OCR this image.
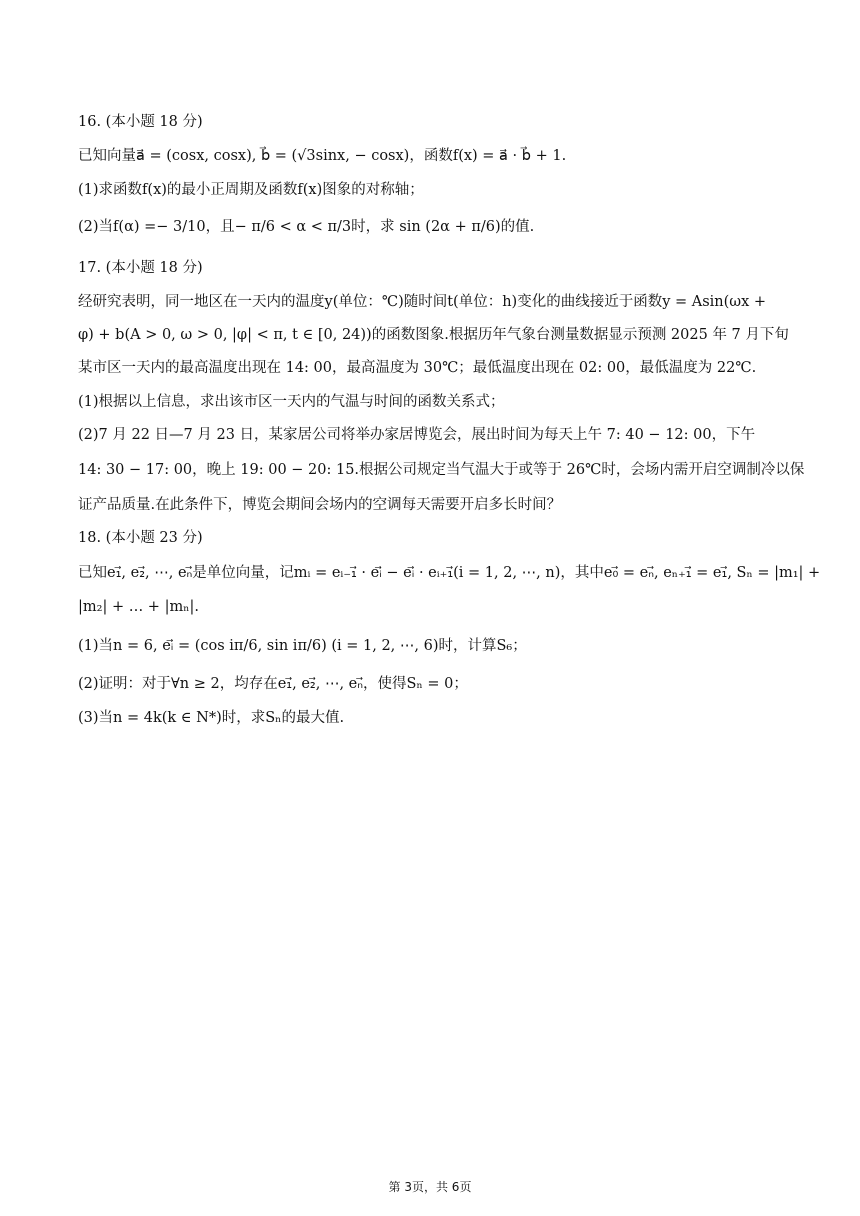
16. (本小题 18 分)
已知向量a⃗ = (cosx, cosx), b⃗ = (√3sinx, − cosx)，函数f(x) = a⃗ · b⃗ + 1.
(1)求函数f(x)的最小正周期及函数f(x)图象的对称轴；
(2)当f(α) =− 3/10，且− π/6 < α < π/3时，求 sin (2α + π/6)的值.
17. (本小题 18 分)
经研究表明，同一地区在一天内的温度y(单位：℃)随时间t(单位：h)变化的曲线接近于函数y = Asin(ωx +
φ) + b(A > 0, ω > 0, |φ| < π, t ∈ [0, 24))的函数图象.根据历年气象台测量数据显示预测 2025 年 7 月下旬
某市区一天内的最高温度出现在 14: 00，最高温度为 30℃；最低温度出现在 02: 00，最低温度为 22℃.
(1)根据以上信息，求出该市区一天内的气温与时间的函数关系式；
(2)7 月 22 日—7 月 23 日，某家居公司将举办家居博览会，展出时间为每天上午 7: 40 − 12: 00，下午
14: 30 − 17: 00，晚上 19: 00 − 20: 15.根据公司规定当气温大于或等于 26℃时，会场内需开启空调制冷以保
证产品质量.在此条件下，博览会期间会场内的空调每天需要开启多长时间？
18. (本小题 23 分)
已知e₁⃗, e₂⃗, ⋯, eₙ⃗是单位向量，记mᵢ = eᵢ₋₁⃗ · eᵢ⃗ − eᵢ⃗ · eᵢ₊₁⃗(i = 1, 2, ⋯, n)，其中e₀⃗ = eₙ⃗, eₙ₊₁⃗ = e₁⃗, Sₙ = |m₁| +
|m₂| + … + |mₙ|.
(1)当n = 6, eᵢ⃗ = (cos iπ/6, sin iπ/6) (i = 1, 2, ⋯, 6)时，计算S₆；
(2)证明：对于∀n ≥ 2，均存在e₁⃗, e₂⃗, ⋯, eₙ⃗，使得Sₙ = 0；
(3)当n = 4k(k ∈ N*)时，求Sₙ的最大值.
第 3页，共 6页
